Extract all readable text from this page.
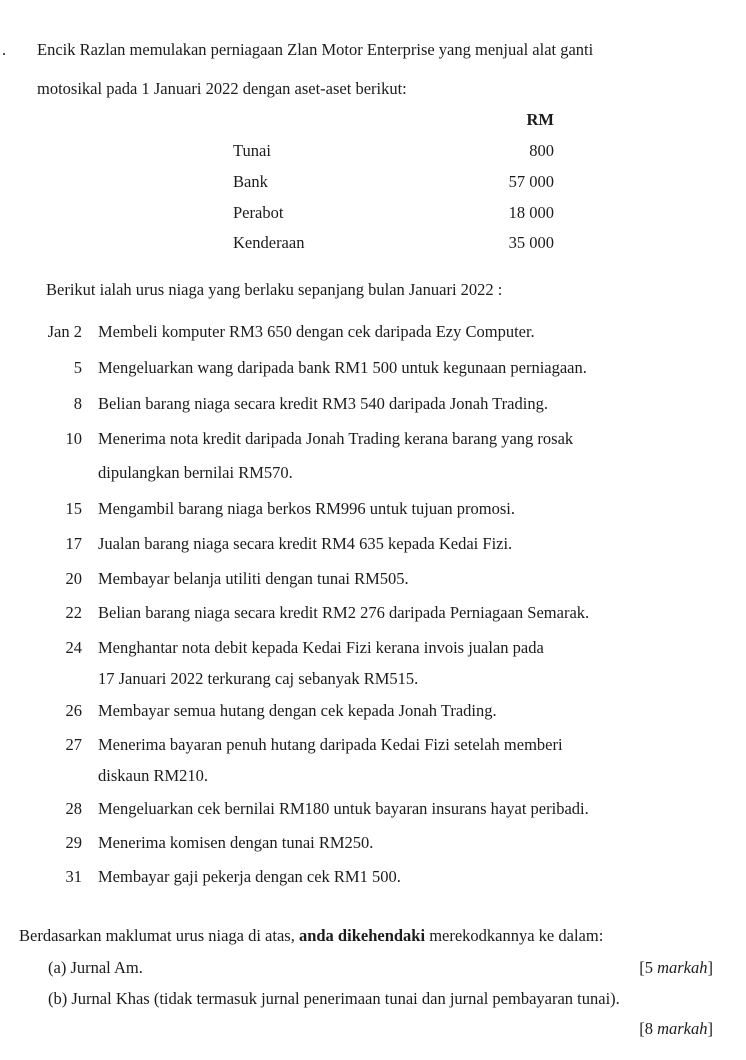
. Encik Razlan memulakan perniagaan Zlan Motor Enterprise yang menjual alat ganti
motosikal pada 1 Januari 2022 dengan aset-aset berikut:
RM
Tunai	800
Bank	57 000
Perabot	18 000
Kenderaan	35 000
Berikut ialah urus niaga yang berlaku sepanjang bulan Januari 2022 :
Jan 2 Membeli komputer RM3 650 dengan cek daripada Ezy Computer.
5 Mengeluarkan wang daripada bank RM1 500 untuk kegunaan perniagaan.
8 Belian barang niaga secara kredit RM3 540 daripada Jonah Trading.
10 Menerima nota kredit daripada Jonah Trading kerana barang yang rosak
dipulangkan bernilai RM570.
15 Mengambil barang niaga berkos RM996 untuk tujuan promosi.
17 Jualan barang niaga secara kredit RM4 635 kepada Kedai Fizi.
20 Membayar belanja utiliti dengan tunai RM505.
22 Belian barang niaga secara kredit RM2 276 daripada Perniagaan Semarak.
24 Menghantar nota debit kepada Kedai Fizi kerana invois jualan pada
17 Januari 2022 terkurang caj sebanyak RM515.
26 Membayar semua hutang dengan cek kepada Jonah Trading.
27 Menerima bayaran penuh hutang daripada Kedai Fizi setelah memberi
diskaun RM210.
28 Mengeluarkan cek bernilai RM180 untuk bayaran insurans hayat peribadi.
29 Menerima komisen dengan tunai RM250.
31 Membayar gaji pekerja dengan cek RM1 500.
Berdasarkan maklumat urus niaga di atas, anda dikehendaki merekodkannya ke dalam:
(a) Jurnal Am.	[5 markah]
(b) Jurnal Khas (tidak termasuk jurnal penerimaan tunai dan jurnal pembayaran tunai).
[8 markah]
